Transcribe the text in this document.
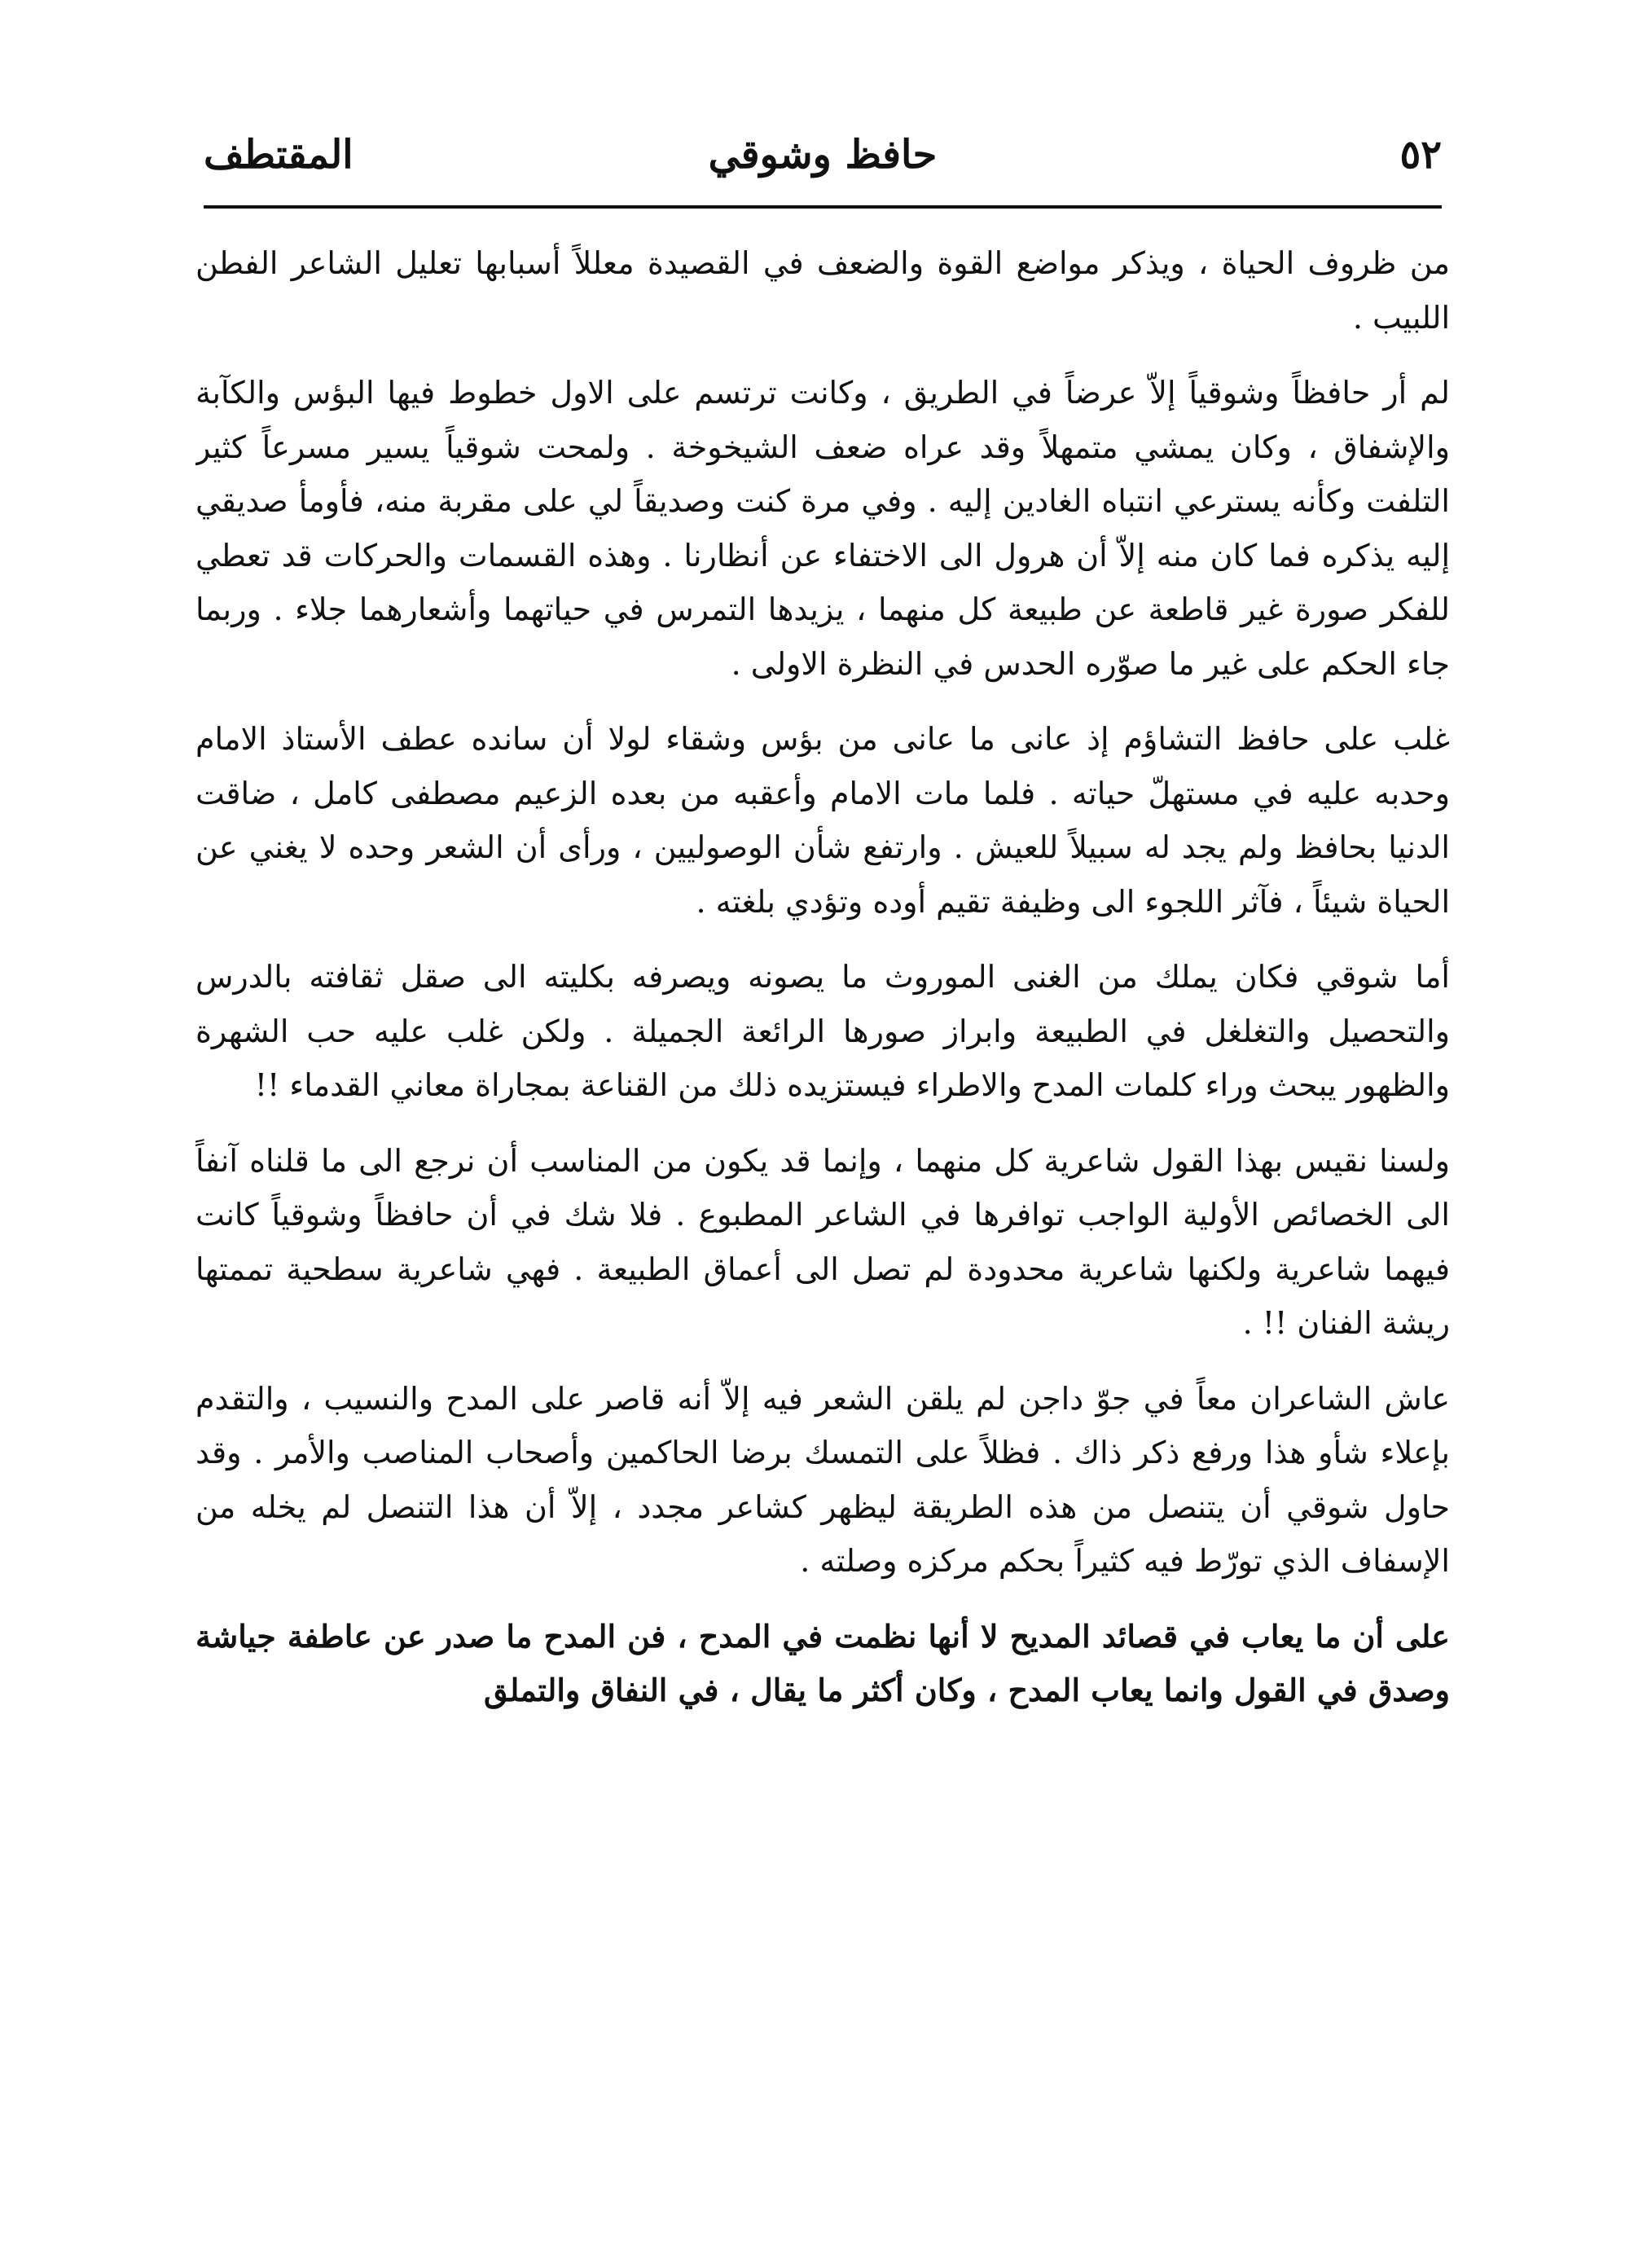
٥٢
حافظ وشوقي
المقتطف

من ظروف الحياة ، ويذكر مواضع القوة والضعف في القصيدة معللاً أسبابها تعليل الشاعر الفطن اللبيب .

لم أر حافظاً وشوقياً إلاّ عرضاً في الطريق ، وكانت ترتسم على الاول خطوط فيها البؤس والكآبة والإشفاق ، وكان يمشي متمهلاً وقد عراه ضعف الشيخوخة . ولمحت شوقياً يسير مسرعاً كثير التلفت وكأنه يسترعي انتباه الغادين إليه . وفي مرة كنت وصديقاً لي على مقربة منه، فأومأ صديقي إليه يذكره فما كان منه إلاّ أن هرول الى الاختفاء عن أنظارنا . وهذه القسمات والحركات قد تعطي للفكر صورة غير قاطعة عن طبيعة كل منهما ، يزيدها التمرس في حياتهما وأشعارهما جلاء . وربما جاء الحكم على غير ما صوّره الحدس في النظرة الاولى .

غلب على حافظ التشاؤم إذ عانى ما عانى من بؤس وشقاء لولا أن سانده عطف الأستاذ الامام وحدبه عليه في مستهلّ حياته . فلما مات الامام وأعقبه من بعده الزعيم مصطفى كامل ، ضاقت الدنيا بحافظ ولم يجد له سبيلاً للعيش . وارتفع شأن الوصوليين ، ورأى أن الشعر وحده لا يغني عن الحياة شيئاً ، فآثر اللجوء الى وظيفة تقيم أوده وتؤدي بلغته .

أما شوقي فكان يملك من الغنى الموروث ما يصونه ويصرفه بكليته الى صقل ثقافته بالدرس والتحصيل والتغلغل في الطبيعة وابراز صورها الرائعة الجميلة . ولكن غلب عليه حب الشهرة والظهور يبحث وراء كلمات المدح والاطراء فيستزيده ذلك من القناعة بمجاراة معاني القدماء !!

ولسنا نقيس بهذا القول شاعرية كل منهما ، وإنما قد يكون من المناسب أن نرجع الى ما قلناه آنفاً الى الخصائص الأولية الواجب توافرها في الشاعر المطبوع . فلا شك في أن حافظاً وشوقياً كانت فيهما شاعرية ولكنها شاعرية محدودة لم تصل الى أعماق الطبيعة . فهي شاعرية سطحية تممتها ريشة الفنان !! .

عاش الشاعران معاً في جوّ داجن لم يلقن الشعر فيه إلاّ أنه قاصر على المدح والنسيب ، والتقدم بإعلاء شأو هذا ورفع ذكر ذاك . فظلاً على التمسك برضا الحاكمين وأصحاب المناصب والأمر . وقد حاول شوقي أن يتنصل من هذه الطريقة ليظهر كشاعر مجدد ، إلاّ أن هذا التنصل لم يخله من الإسفاف الذي تورّط فيه كثيراً بحكم مركزه وصلته .

على أن ما يعاب في قصائد المديح لا أنها نظمت في المدح ، فن المدح ما صدر عن عاطفة جياشة وصدق في القول وانما يعاب المدح ، وكان أكثر ما يقال ، في النفاق والتملق
